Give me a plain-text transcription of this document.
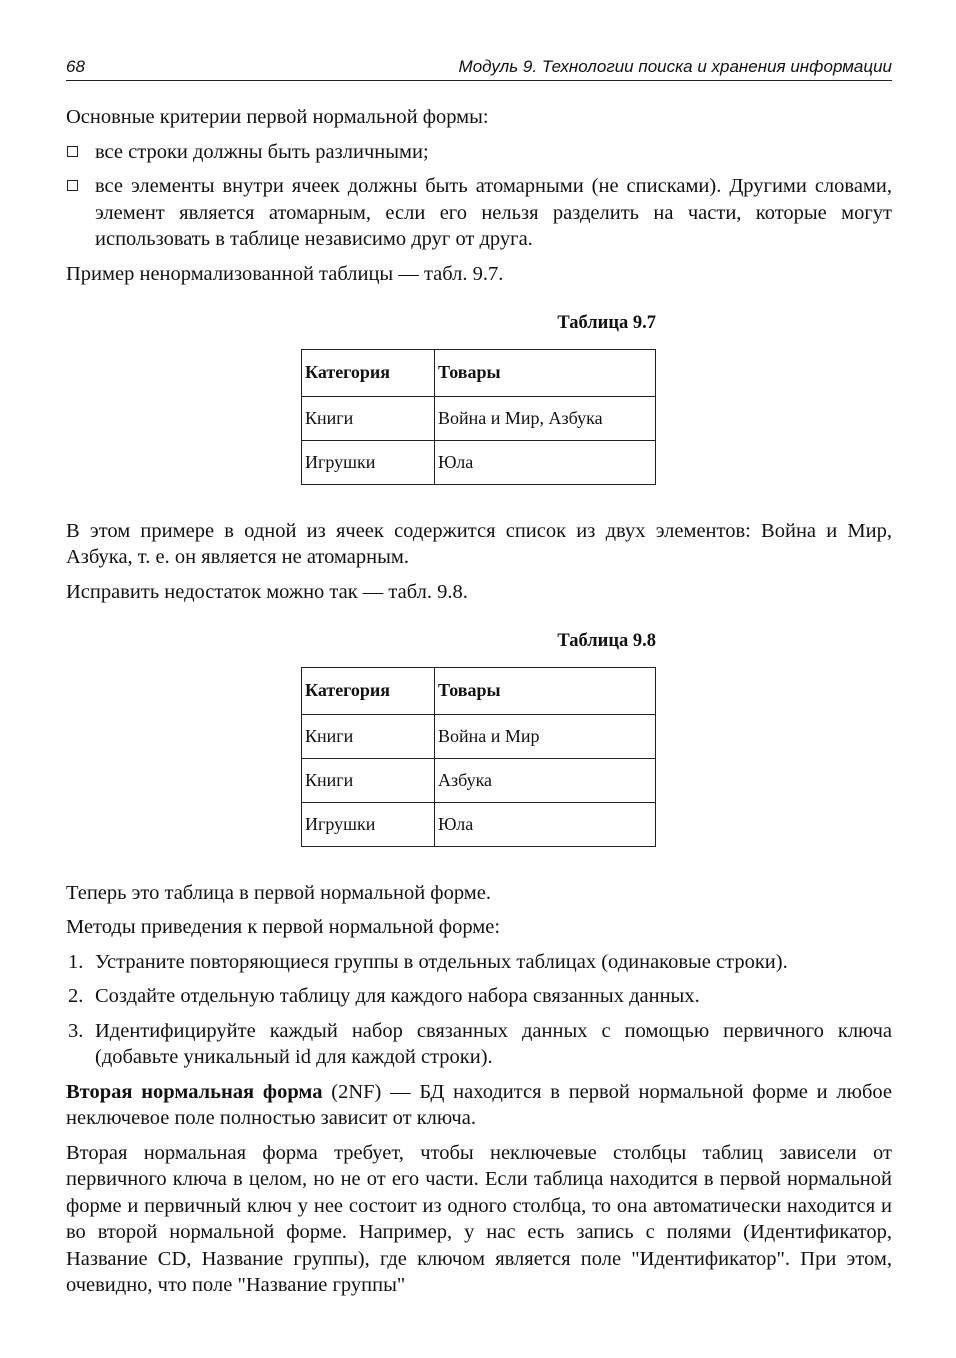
68	Модуль 9. Технологии поиска и хранения информации

Основные критерии первой нормальной формы:

все строки должны быть различными;
все элементы внутри ячеек должны быть атомарными (не списками). Другими словами, элемент является атомарным, если его нельзя разделить на части, которые могут использовать в таблице независимо друг от друга.

Пример ненормализованной таблицы — табл. 9.7.

Таблица 9.7
Категория	Товары
Книги	Война и Мир, Азбука
Игрушки	Юла

В этом примере в одной из ячеек содержится список из двух элементов: Война и Мир, Азбука, т. е. он является не атомарным.

Исправить недостаток можно так — табл. 9.8.

Таблица 9.8
Категория	Товары
Книги	Война и Мир
Книги	Азбука
Игрушки	Юла

Теперь это таблица в первой нормальной форме.

Методы приведения к первой нормальной форме:

1. Устраните повторяющиеся группы в отдельных таблицах (одинаковые строки).
2. Создайте отдельную таблицу для каждого набора связанных данных.
3. Идентифицируйте каждый набор связанных данных с помощью первичного ключа (добавьте уникальный id для каждой строки).

Вторая нормальная форма (2NF) — БД находится в первой нормальной форме и любое неключевое поле полностью зависит от ключа.

Вторая нормальная форма требует, чтобы неключевые столбцы таблиц зависели от первичного ключа в целом, но не от его части. Если таблица находится в первой нормальной форме и первичный ключ у нее состоит из одного столбца, то она автоматически находится и во второй нормальной форме. Например, у нас есть запись с полями (Идентификатор, Название CD, Название группы), где ключом является поле "Идентификатор". При этом, очевидно, что поле "Название группы"
